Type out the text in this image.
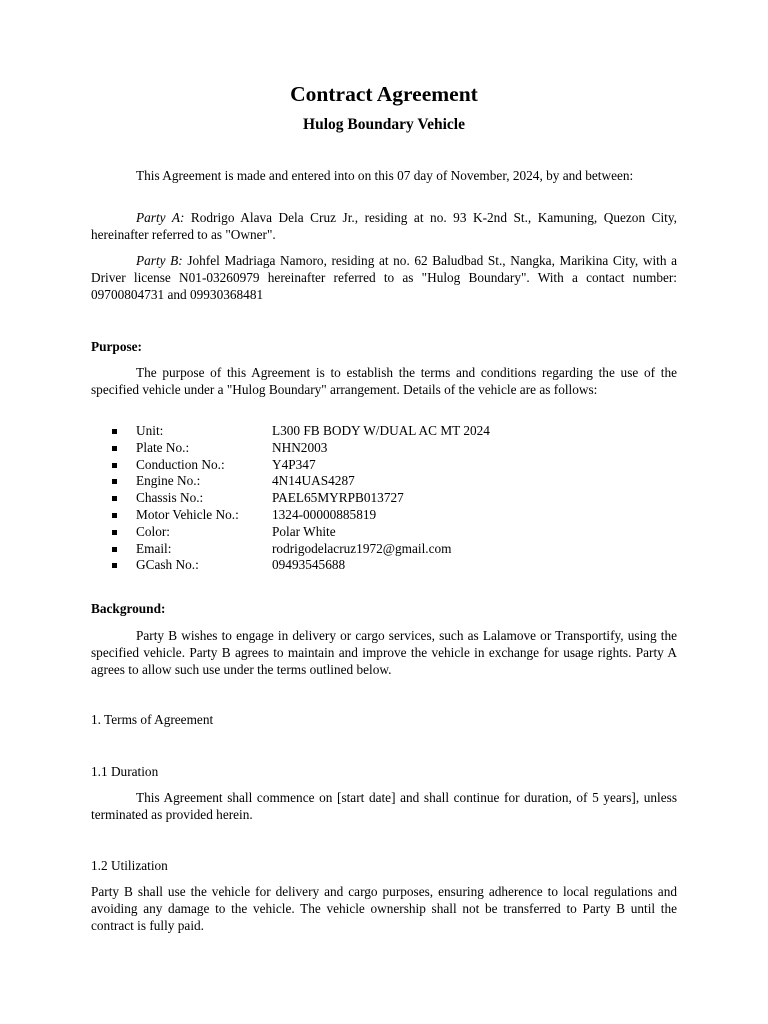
Contract Agreement
Hulog Boundary Vehicle

This Agreement is made and entered into on this 07 day of November, 2024, by and between:

Party A: Rodrigo Alava Dela Cruz Jr., residing at no. 93 K-2nd St., Kamuning, Quezon City, hereinafter referred to as "Owner".

Party B: Johfel Madriaga Namoro, residing at no. 62 Baludbad St., Nangka, Marikina City, with a Driver license N01-03260979 hereinafter referred to as "Hulog Boundary". With a contact number: 09700804731 and 09930368481

Purpose:

The purpose of this Agreement is to establish the terms and conditions regarding the use of the specified vehicle under a "Hulog Boundary" arrangement. Details of the vehicle are as follows:

Unit:	L300 FB BODY W/DUAL AC MT 2024
Plate No.:	NHN2003
Conduction No.:	Y4P347
Engine No.:	4N14UAS4287
Chassis No.:	PAEL65MYRPB013727
Motor Vehicle No.: 1324-00000885819
Color:	Polar White
Email:	rodrigodelacruz1972@gmail.com
GCash No.:	09493545688

Background:

Party B wishes to engage in delivery or cargo services, such as Lalamove or Transportify, using the specified vehicle. Party B agrees to maintain and improve the vehicle in exchange for usage rights. Party A agrees to allow such use under the terms outlined below.

1. Terms of Agreement

1.1 Duration

This Agreement shall commence on [start date] and shall continue for duration, of 5 years], unless terminated as provided herein.

1.2 Utilization

Party B shall use the vehicle for delivery and cargo purposes, ensuring adherence to local regulations and avoiding any damage to the vehicle. The vehicle ownership shall not be transferred to Party B until the contract is fully paid.
